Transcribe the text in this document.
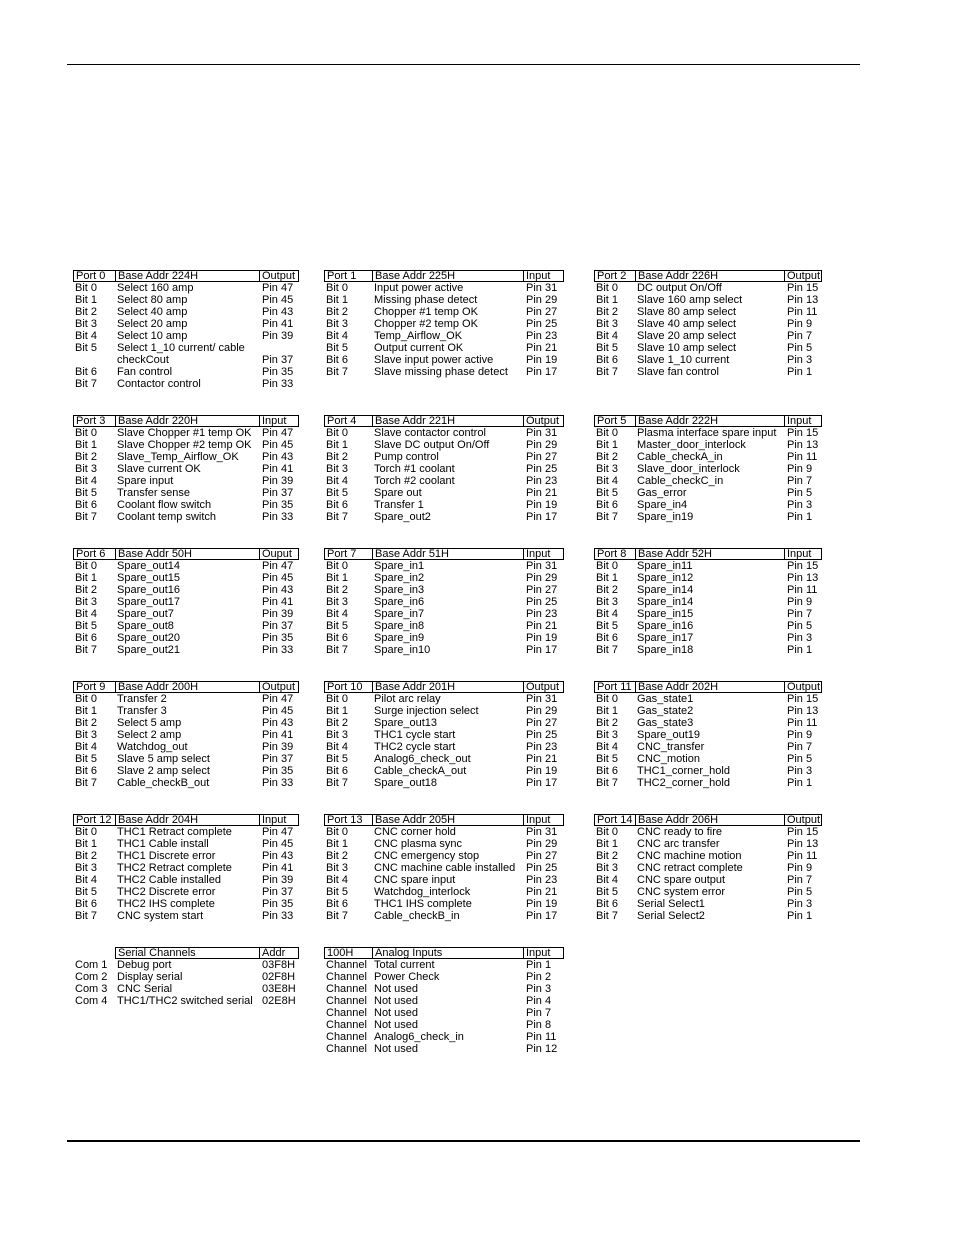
Port 0	Base Addr 224H	Output
Bit 0	Select 160 amp	Pin 47
Bit 1	Select 80 amp	Pin 45
Bit 2	Select 40 amp	Pin 43
Bit 3	Select 20 amp	Pin 41
Bit 4	Select 10 amp	Pin 39
Bit 5	Select 1_10 current/ cable checkCout	Pin 37
Bit 6	Fan control	Pin 35
Bit 7	Contactor control	Pin 33
Port 1	Base Addr 225H	Input
Bit 0	Input power active	Pin 31
Bit 1	Missing phase detect	Pin 29
Bit 2	Chopper #1 temp OK	Pin 27
Bit 3	Chopper #2 temp OK	Pin 25
Bit 4	Temp_Airflow_OK	Pin 23
Bit 5	Output current OK	Pin 21
Bit 6	Slave input power active	Pin 19
Bit 7	Slave missing phase detect	Pin 17
Port 2	Base Addr 226H	Output
Bit 0	DC output On/Off	Pin 15
Bit 1	Slave 160 amp select	Pin 13
Bit 2	Slave 80 amp select	Pin 11
Bit 3	Slave 40 amp select	Pin 9
Bit 4	Slave 20 amp select	Pin 7
Bit 5	Slave 10 amp select	Pin 5
Bit 6	Slave 1_10 current	Pin 3
Bit 7	Slave fan control	Pin 1
Port 3	Base Addr 220H	Input
Bit 0	Slave Chopper #1 temp OK Pin 47
Bit 1	Slave Chopper #2 temp OK Pin 45
Bit 2	Slave_Temp_Airflow_OK	Pin 43
Bit 3	Slave current OK	Pin 41
Bit 4	Spare input	Pin 39
Bit 5	Transfer sense	Pin 37
Bit 6	Coolant flow switch	Pin 35
Bit 7	Coolant temp switch	Pin 33
Port 4	Base Addr 221H	Output
Bit 0	Slave contactor control	Pin 31
Bit 1	Slave DC output On/Off	Pin 29
Bit 2	Pump control	Pin 27
Bit 3	Torch #1 coolant	Pin 25
Bit 4	Torch #2 coolant	Pin 23
Bit 5	Spare out	Pin 21
Bit 6	Transfer 1	Pin 19
Bit 7	Spare_out2	Pin 17
Port 5	Base Addr 222H	Input
Bit 0	Plasma interface spare input Pin 15
Bit 1	Master_door_interlock	Pin 13
Bit 2	Cable_checkA_in	Pin 11
Bit 3	Slave_door_interlock	Pin 9
Bit 4	Cable_checkC_in	Pin 7
Bit 5	Gas_error	Pin 5
Bit 6	Spare_in4	Pin 3
Bit 7	Spare_in19	Pin 1
Port 6	Base Addr 50H	Ouput
Bit 0	Spare_out14	Pin 47
Bit 1	Spare_out15	Pin 45
Bit 2	Spare_out16	Pin 43
Bit 3	Spare_out17	Pin 41
Bit 4	Spare_out7	Pin 39
Bit 5	Spare_out8	Pin 37
Bit 6	Spare_out20	Pin 35
Bit 7	Spare_out21	Pin 33
Port 7	Base Addr 51H	Input
Bit 0	Spare_in1	Pin 31
Bit 1	Spare_in2	Pin 29
Bit 2	Spare_in3	Pin 27
Bit 3	Spare_in6	Pin 25
Bit 4	Spare_in7	Pin 23
Bit 5	Spare_in8	Pin 21
Bit 6	Spare_in9	Pin 19
Bit 7	Spare_in10	Pin 17
Port 8	Base Addr 52H	Input
Bit 0	Spare_in11	Pin 15
Bit 1	Spare_in12	Pin 13
Bit 2	Spare_in14	Pin 11
Bit 3	Spare_in14	Pin 9
Bit 4	Spare_in15	Pin 7
Bit 5	Spare_in16	Pin 5
Bit 6	Spare_in17	Pin 3
Bit 7	Spare_in18	Pin 1
Port 9	Base Addr 200H	Output
Bit 0	Transfer 2	Pin 47
Bit 1	Transfer 3	Pin 45
Bit 2	Select 5 amp	Pin 43
Bit 3	Select 2 amp	Pin 41
Bit 4	Watchdog_out	Pin 39
Bit 5	Slave 5 amp select	Pin 37
Bit 6	Slave 2 amp select	Pin 35
Bit 7	Cable_checkB_out	Pin 33
Port 10	Base Addr 201H	Output
Bit 0	Pilot arc relay	Pin 31
Bit 1	Surge injection select	Pin 29
Bit 2	Spare_out13	Pin 27
Bit 3	THC1 cycle start	Pin 25
Bit 4	THC2 cycle start	Pin 23
Bit 5	Analog6_check_out	Pin 21
Bit 6	Cable_checkA_out	Pin 19
Bit 7	Spare_out18	Pin 17
Port 11 Base Addr 202H	Output
Bit 0	Gas_state1	Pin 15
Bit 1	Gas_state2	Pin 13
Bit 2	Gas_state3	Pin 11
Bit 3	Spare_out19	Pin 9
Bit 4	CNC_transfer	Pin 7
Bit 5	CNC_motion	Pin 5
Bit 6	THC1_corner_hold	Pin 3
Bit 7	THC2_corner_hold	Pin 1
Port 12 Base Addr 204H	Input
Bit 0	THC1 Retract complete	Pin 47
Bit 1	THC1 Cable install	Pin 45
Bit 2	THC1 Discrete error	Pin 43
Bit 3	THC2 Retract complete	Pin 41
Bit 4	THC2 Cable installed	Pin 39
Bit 5	THC2 Discrete error	Pin 37
Bit 6	THC2 IHS complete	Pin 35
Bit 7	CNC system start	Pin 33
Port 13	Base Addr 205H	Input
Bit 0	CNC corner hold	Pin 31
Bit 1	CNC plasma sync	Pin 29
Bit 2	CNC emergency stop	Pin 27
Bit 3	CNC machine cable installed Pin 25
Bit 4	CNC spare input	Pin 23
Bit 5	Watchdog_interlock	Pin 21
Bit 6	THC1 IHS complete	Pin 19
Bit 7	Cable_checkB_in	Pin 17
Port 14 Base Addr 206H	Output
Bit 0	CNC ready to fire	Pin 15
Bit 1	CNC arc transfer	Pin 13
Bit 2	CNC machine motion	Pin 11
Bit 3	CNC retract complete	Pin 9
Bit 4	CNC spare output	Pin 7
Bit 5	CNC system error	Pin 5
Bit 6	Serial Select1	Pin 3
Bit 7	Serial Select2	Pin 1
Serial Channels	Addr
Com 1 Debug port	03F8H
Com 2 Display serial	02F8H
Com 3 CNC Serial	03E8H
Com 4 THC1/THC2 switched serial 02E8H
100H	Analog Inputs	Input
Channel Total current	Pin 1
Channel Power Check	Pin 2
Channel Not used	Pin 3
Channel Not used	Pin 4
Channel Not used	Pin 7
Channel Not used	Pin 8
Channel Analog6_check_in	Pin 11
Channel Not used	Pin 12
